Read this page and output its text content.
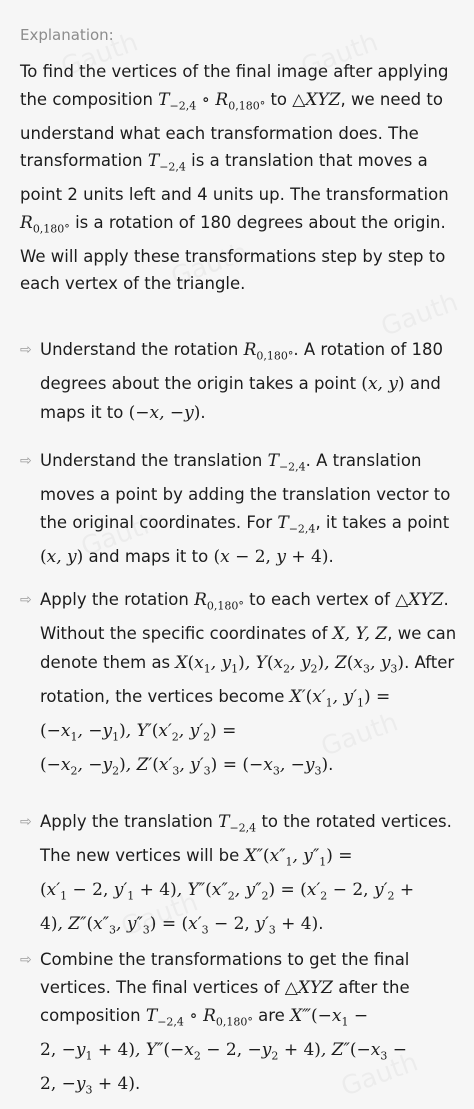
Explanation:
To find the vertices of the final image after applying the composition $T_{-2,4}$ ∘ $R_{0,180^\circ}$ to △XYZ, we need to understand what each transformation does. The transformation $T_{-2,4}$ is a translation that moves a point 2 units left and 4 units up. The transformation $R_{0,180^\circ}$ is a rotation of 180 degrees about the origin.
We will apply these transformations step by step to each vertex of the triangle.
⇨ Understand the rotation $R_{0,180^\circ}$. A rotation of 180 degrees about the origin takes a point (x, y) and maps it to (−x, −y).
⇨ Understand the translation $T_{-2,4}$. A translation moves a point by adding the translation vector to the original coordinates. For $T_{-2,4}$, it takes a point (x, y) and maps it to (x − 2, y + 4).
⇨ Apply the rotation $R_{0,180^\circ}$ to each vertex of △XYZ. Without the specific coordinates of X, Y, Z, we can denote them as $X(x_1$, $y_1$), $Y(x_2$, $y_2$), $Z(x_3$, $y_3$). After rotation, the vertices become $X'(x'_1$, $y'_1) = (-x_1$, $-y_1$), $Y'(x'_2$, $y'_2) = (-x_2$, $-y_2$), $Z'(x'_3$, $y'_3) = (-x_3$, $-y_3$).
⇨ Apply the translation $T_{-2,4}$ to the rotated vertices. The new vertices will be $X''(x''_1$, $y''_1) = (x'_1 - 2$, $y'_1 + 4$), $Y''(x''_2$, $y''_2) = (x'_2 - 2$, $y'_2 + 4$), $Z''(x''_3$, $y''_3) = (x'_3 - 2$, $y'_3 + 4$).
⇨ Combine the transformations to get the final vertices. The final vertices of △XYZ after the composition $T_{-2,4}$ ∘ $R_{0,180^\circ}$ are $X‴(-x_1 - 2$, $-y_1 + 4$), $Y''(-x_2 - 2$, $-y_2 + 4$), $Z''(-x_3 - 2$, $-y_3 + 4$).
